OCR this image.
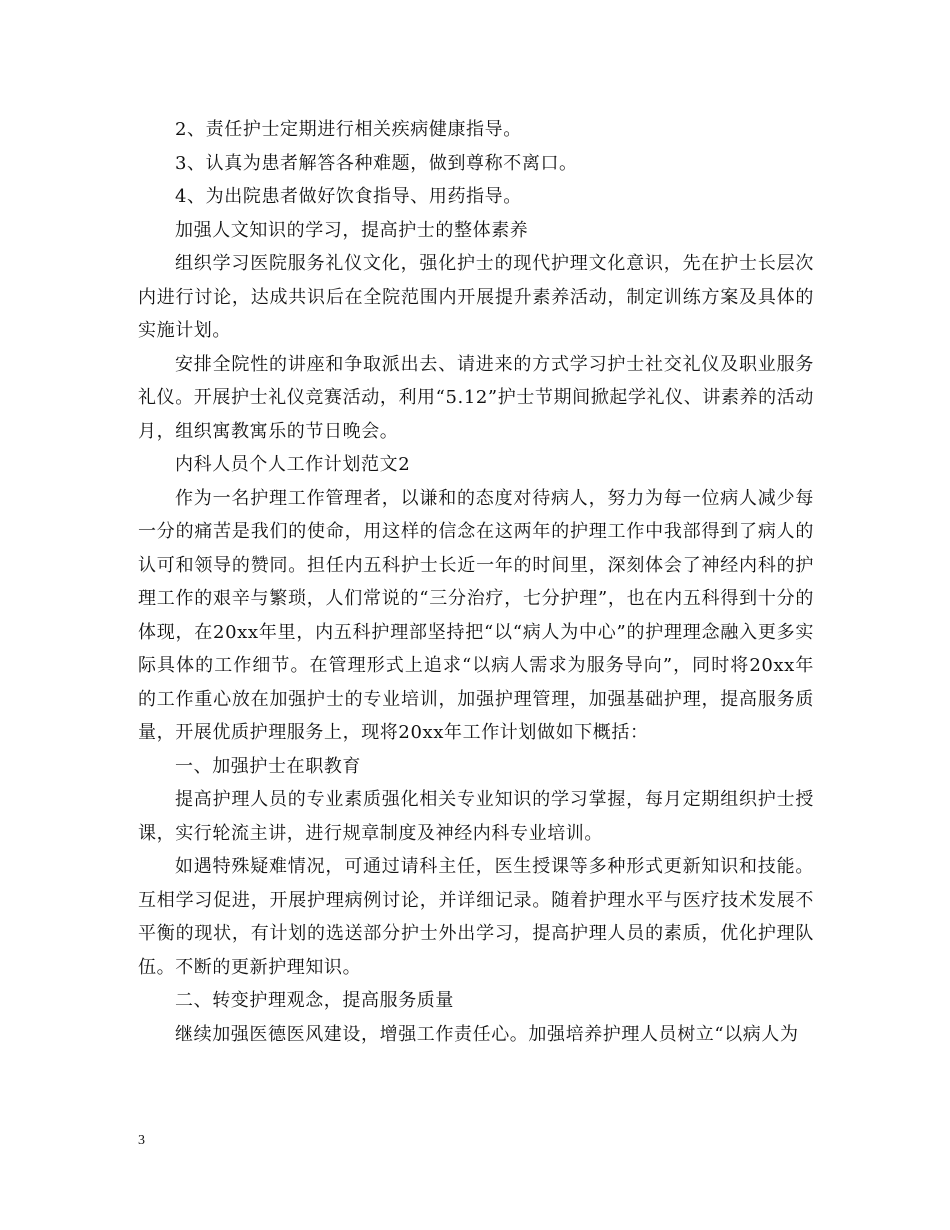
2、责任护士定期进行相关疾病健康指导。

3、认真为患者解答各种难题，做到尊称不离口。

4、为出院患者做好饮食指导、用药指导。

加强人文知识的学习，提高护士的整体素养

组织学习医院服务礼仪文化，强化护士的现代护理文化意识，先在护士长层次内进行讨论，达成共识后在全院范围内开展提升素养活动，制定训练方案及具体的实施计划。

安排全院性的讲座和争取派出去、请进来的方式学习护士社交礼仪及职业服务礼仪。开展护士礼仪竞赛活动，利用“5.12”护士节期间掀起学礼仪、讲素养的活动月，组织寓教寓乐的节日晚会。

内科人员个人工作计划范文2

作为一名护理工作管理者，以谦和的态度对待病人，努力为每一位病人减少每一分的痛苦是我们的使命，用这样的信念在这两年的护理工作中我部得到了病人的认可和领导的赞同。担任内五科护士长近一年的时间里，深刻体会了神经内科的护理工作的艰辛与繁琐，人们常说的“三分治疗，七分护理”，也在内五科得到十分的体现，在20xx年里，内五科护理部坚持把“以“病人为中心”的护理理念融入更多实际具体的工作细节。在管理形式上追求“以病人需求为服务导向”，同时将20xx年的工作重心放在加强护士的专业培训，加强护理管理，加强基础护理，提高服务质量，开展优质护理服务上，现将20xx年工作计划做如下概括：

一、加强护士在职教育

提高护理人员的专业素质强化相关专业知识的学习掌握，每月定期组织护士授课，实行轮流主讲，进行规章制度及神经内科专业培训。

如遇特殊疑难情况，可通过请科主任，医生授课等多种形式更新知识和技能。互相学习促进，开展护理病例讨论，并详细记录。随着护理水平与医疗技术发展不平衡的现状，有计划的选送部分护士外出学习，提高护理人员的素质，优化护理队伍。不断的更新护理知识。

二、转变护理观念，提高服务质量

继续加强医德医风建设，增强工作责任心。加强培养护理人员树立“以病人为

3
